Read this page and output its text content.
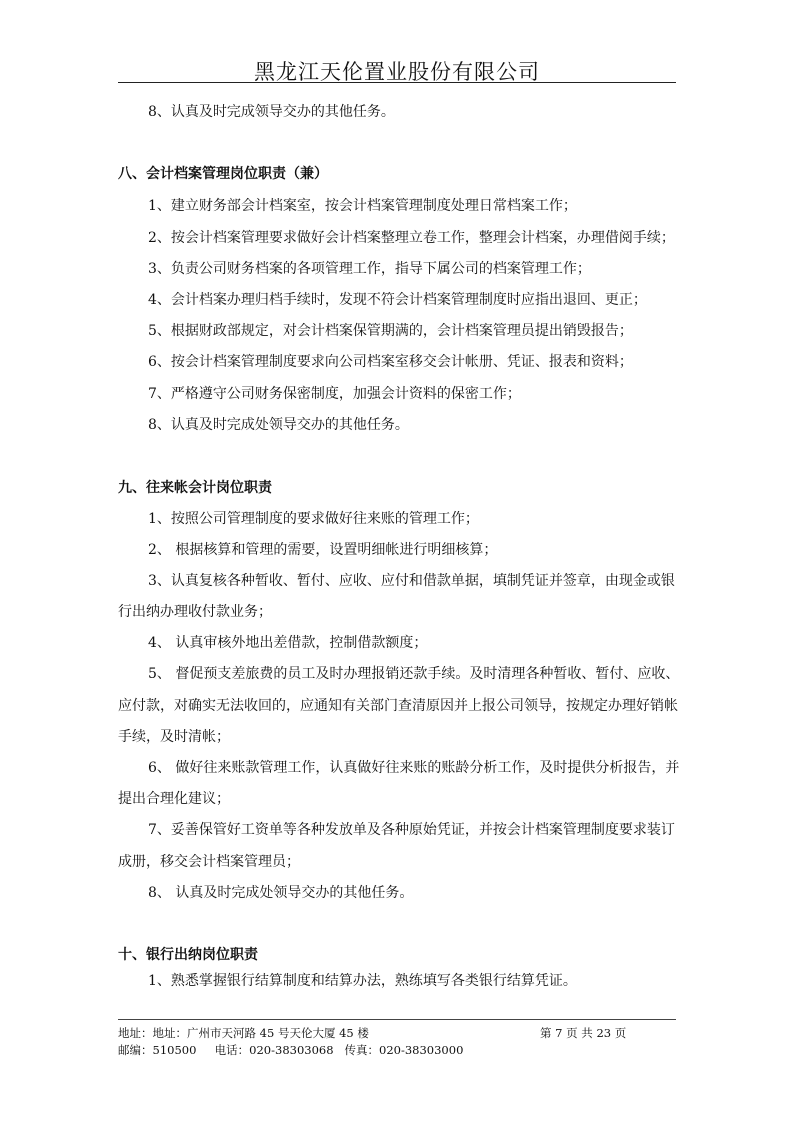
黑龙江天伦置业股份有限公司
8、认真及时完成领导交办的其他任务。
八、会计档案管理岗位职责（兼）
1、建立财务部会计档案室，按会计档案管理制度处理日常档案工作；
2、按会计档案管理要求做好会计档案整理立卷工作，整理会计档案，办理借阅手续；
3、负责公司财务档案的各项管理工作，指导下属公司的档案管理工作；
4、会计档案办理归档手续时，发现不符会计档案管理制度时应指出退回、更正；
5、根据财政部规定，对会计档案保管期满的，会计档案管理员提出销毁报告；
6、按会计档案管理制度要求向公司档案室移交会计帐册、凭证、报表和资料；
7、严格遵守公司财务保密制度，加强会计资料的保密工作；
8、认真及时完成处领导交办的其他任务。
九、往来帐会计岗位职责
1、按照公司管理制度的要求做好往来账的管理工作；
2、 根据核算和管理的需要，设置明细帐进行明细核算；
3、认真复核各种暂收、暂付、应收、应付和借款单据，填制凭证并签章，由现金或银
行出纳办理收付款业务；
4、 认真审核外地出差借款，控制借款额度；
5、 督促预支差旅费的员工及时办理报销还款手续。及时清理各种暂收、暂付、应收、
应付款，对确实无法收回的，应通知有关部门查清原因并上报公司领导，按规定办理好销帐
手续，及时清帐；
6、 做好往来账款管理工作，认真做好往来账的账龄分析工作，及时提供分析报告，并
提出合理化建议；
7、妥善保管好工资单等各种发放单及各种原始凭证，并按会计档案管理制度要求装订
成册，移交会计档案管理员；
8、 认真及时完成处领导交办的其他任务。
十、银行出纳岗位职责
1、熟悉掌握银行结算制度和结算办法，熟练填写各类银行结算凭证。
地址：地址：广州市天河路 45 号天伦大厦 45 楼	第 7 页 共 23 页
邮编：510500     电话：020-38303068   传真：020-38303000
